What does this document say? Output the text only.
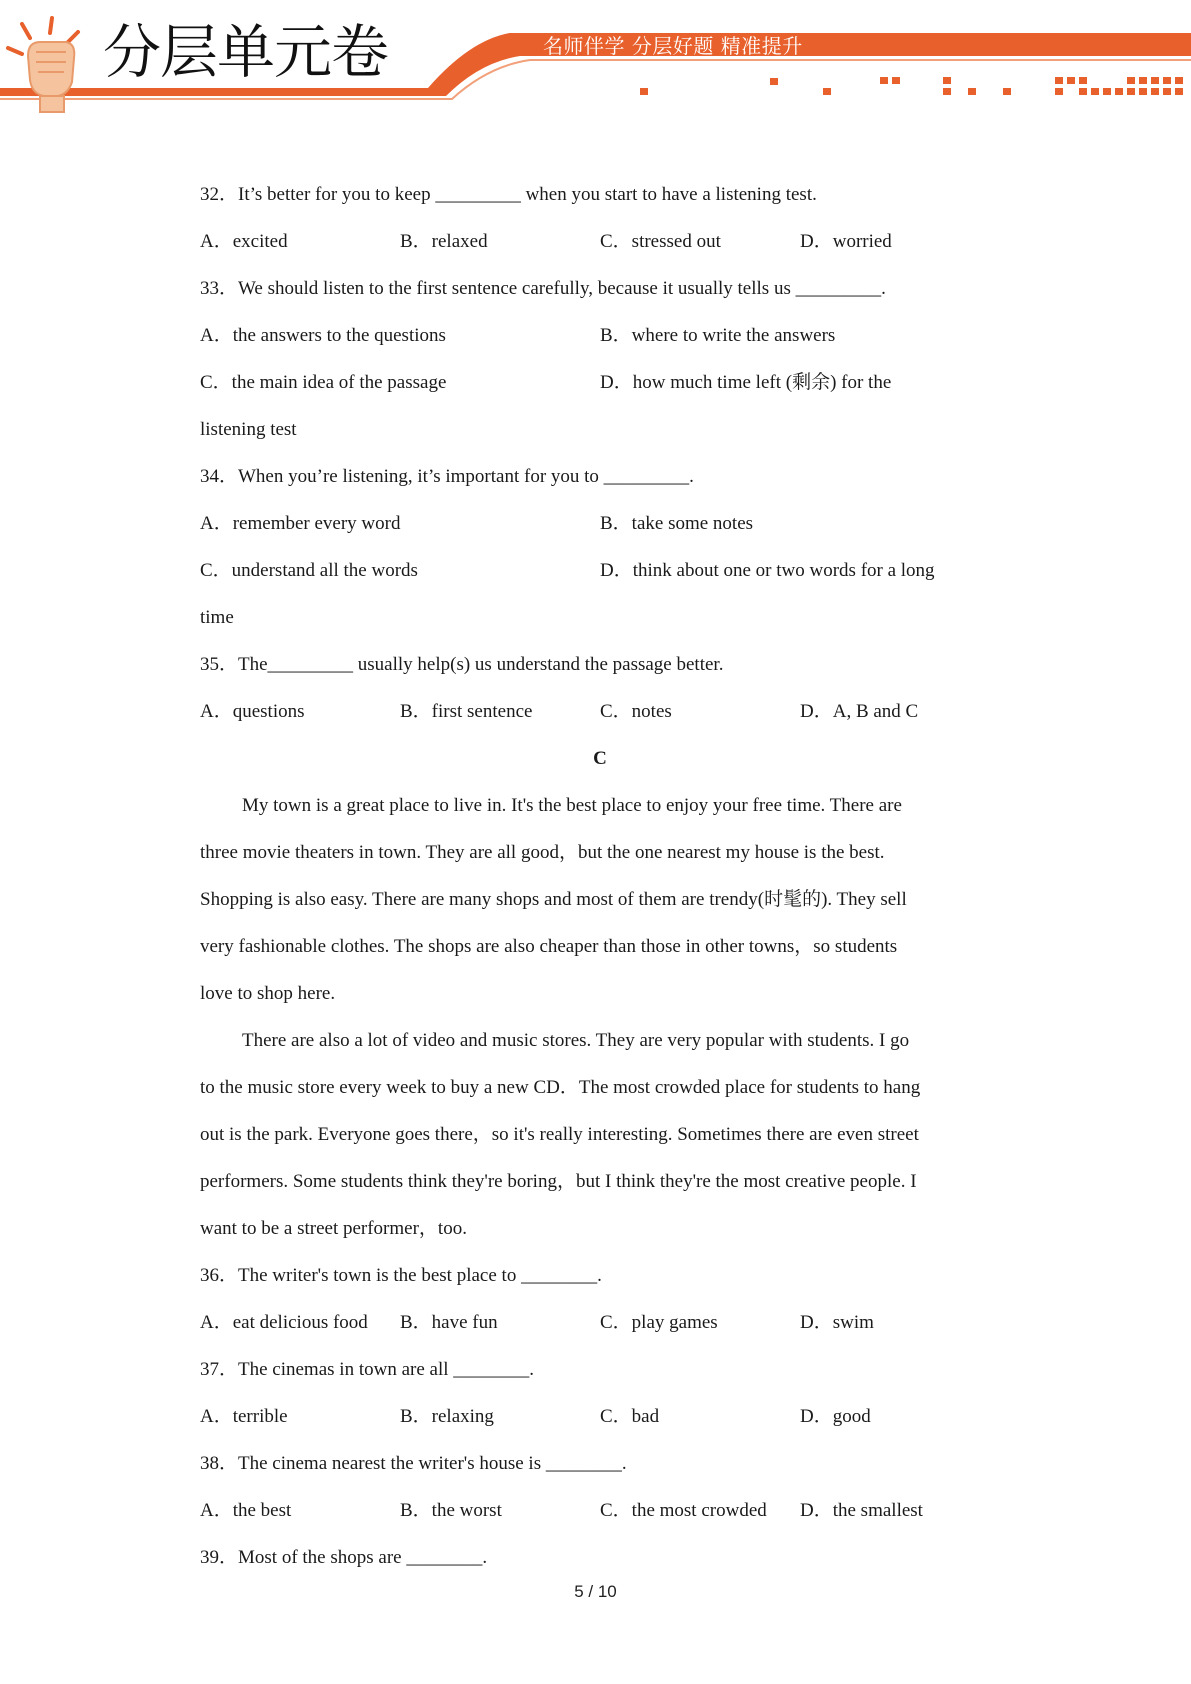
分层单元卷	名师伴学 分层好题 精准提升
32．It’s better for you to keep _________ when you start to have a listening test.
A．excited	B．relaxed	C．stressed out	D．worried
33．We should listen to the first sentence carefully, because it usually tells us _________.
A．the answers to the questions	B．where to write the answers
C．the main idea of the passage	D．how much time left (剩余) for the
listening test
34．When you’re listening, it’s important for you to _________.
A．remember every word	B．take some notes
C．understand all the words	D．think about one or two words for a long
time
35．The_________ usually help(s) us understand the passage better.
A．questions	B．first sentence	C．notes	D．A, B and C
C
My town is a great place to live in. It's the best place to enjoy your free time. There are
three movie theaters in town. They are all good，but the one nearest my house is the best.
Shopping is also easy. There are many shops and most of them are trendy(时髦的). They sell
very fashionable clothes. The shops are also cheaper than those in other towns，so students
love to shop here.
There are also a lot of video and music stores. They are very popular with students. I go
to the music store every week to buy a new CD．The most crowded place for students to hang
out is the park. Everyone goes there，so it's really interesting. Sometimes there are even street
performers. Some students think they're boring，but I think they're the most creative people. I
want to be a street performer，too.
36．The writer's town is the best place to ________.
A．eat delicious food	B．have fun	C．play games	D．swim
37．The cinemas in town are all ________.
A．terrible	B．relaxing	C．bad	D．good
38．The cinema nearest the writer's house is ________.
A．the best	B．the worst	C．the most crowded	D．the smallest
39．Most of the shops are ________.
5 / 10
